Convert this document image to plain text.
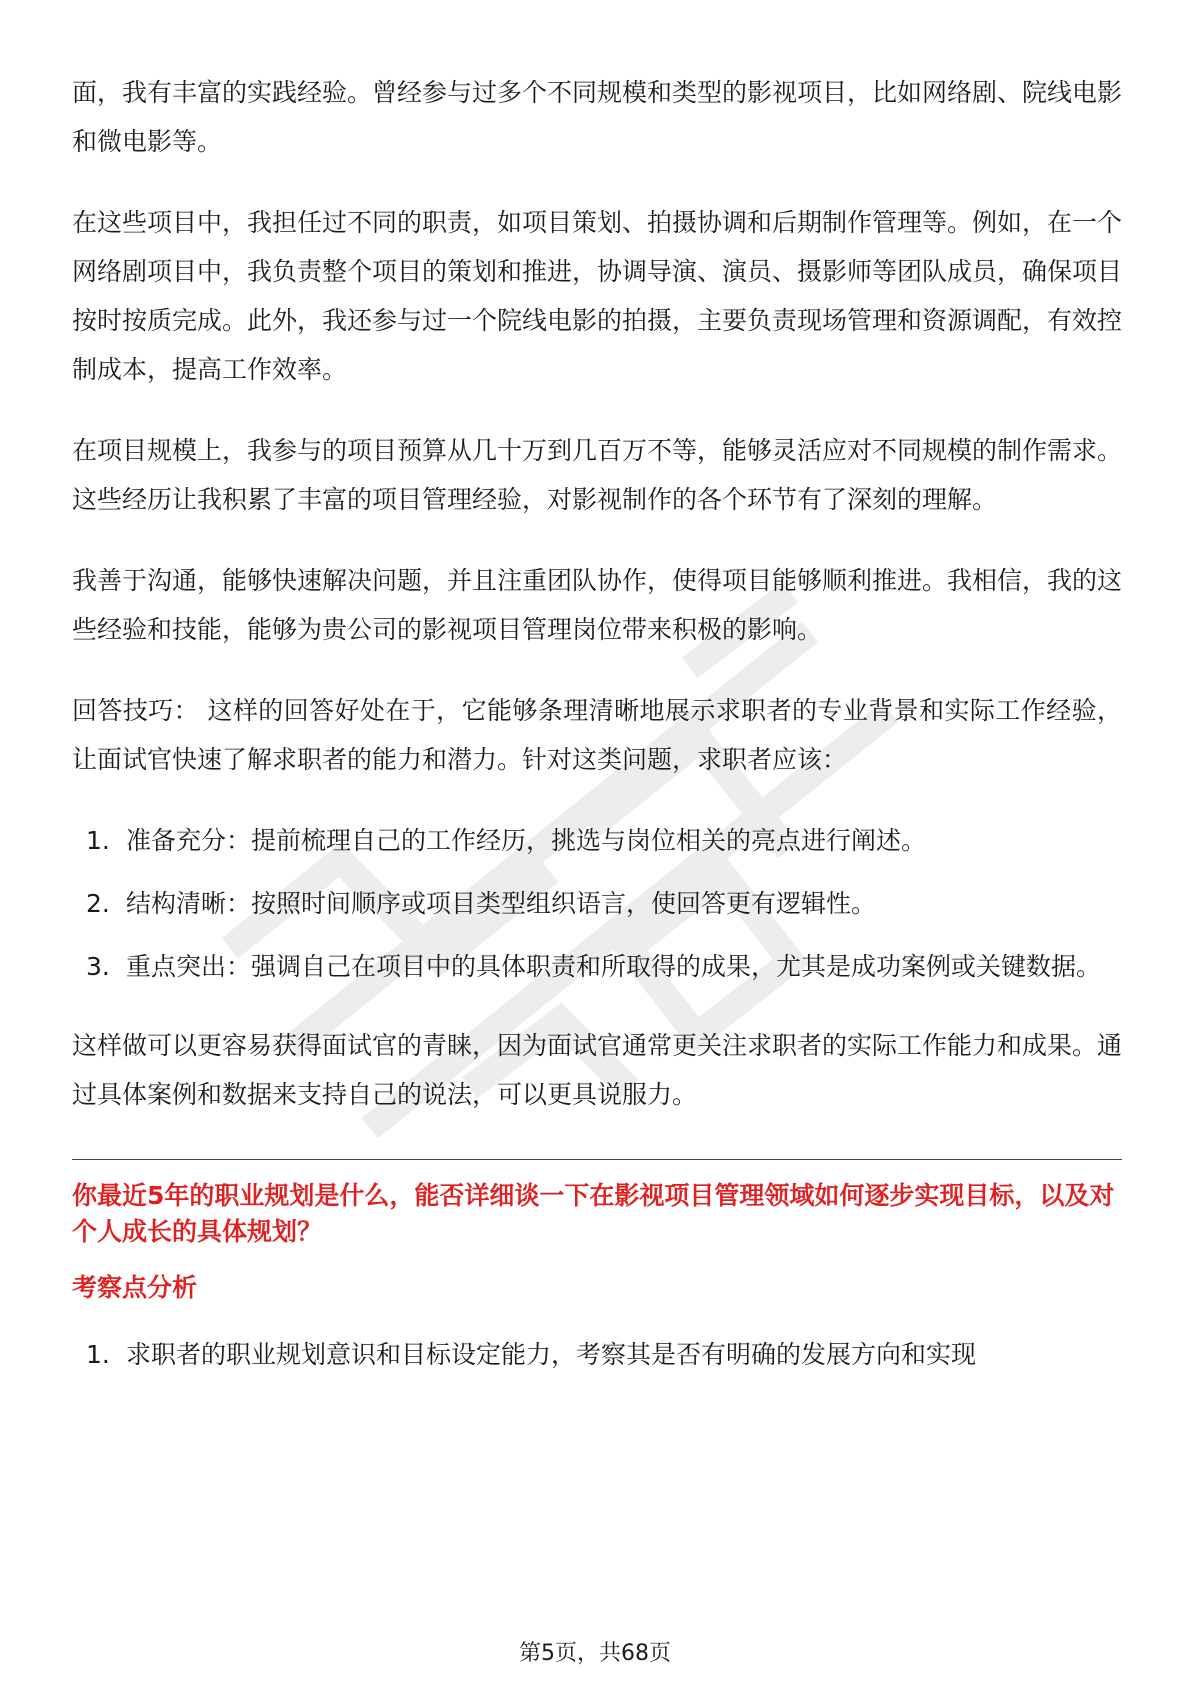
面，我有丰富的实践经验。曾经参与过多个不同规模和类型的影视项目，比如网络剧、院线电影和微电影等。

在这些项目中，我担任过不同的职责，如项目策划、拍摄协调和后期制作管理等。例如，在一个网络剧项目中，我负责整个项目的策划和推进，协调导演、演员、摄影师等团队成员，确保项目按时按质完成。此外，我还参与过一个院线电影的拍摄，主要负责现场管理和资源调配，有效控制成本，提高工作效率。

在项目规模上，我参与的项目预算从几十万到几百万不等，能够灵活应对不同规模的制作需求。这些经历让我积累了丰富的项目管理经验，对影视制作的各个环节有了深刻的理解。

我善于沟通，能够快速解决问题，并且注重团队协作，使得项目能够顺利推进。我相信，我的这些经验和技能，能够为贵公司的影视项目管理岗位带来积极的影响。

回答技巧： 这样的回答好处在于，它能够条理清晰地展示求职者的专业背景和实际工作经验，让面试官快速了解求职者的能力和潜力。针对这类问题，求职者应该：

1. 准备充分：提前梳理自己的工作经历，挑选与岗位相关的亮点进行阐述。
2. 结构清晰：按照时间顺序或项目类型组织语言，使回答更有逻辑性。
3. 重点突出：强调自己在项目中的具体职责和所取得的成果，尤其是成功案例或关键数据。

这样做可以更容易获得面试官的青睐，因为面试官通常更关注求职者的实际工作能力和成果。通过具体案例和数据来支持自己的说法，可以更具说服力。

你最近5年的职业规划是什么，能否详细谈一下在影视项目管理领域如何逐步实现目标，以及对个人成长的具体规划？
考察点分析
1. 求职者的职业规划意识和目标设定能力，考察其是否有明确的发展方向和实现
第5页，共68页
